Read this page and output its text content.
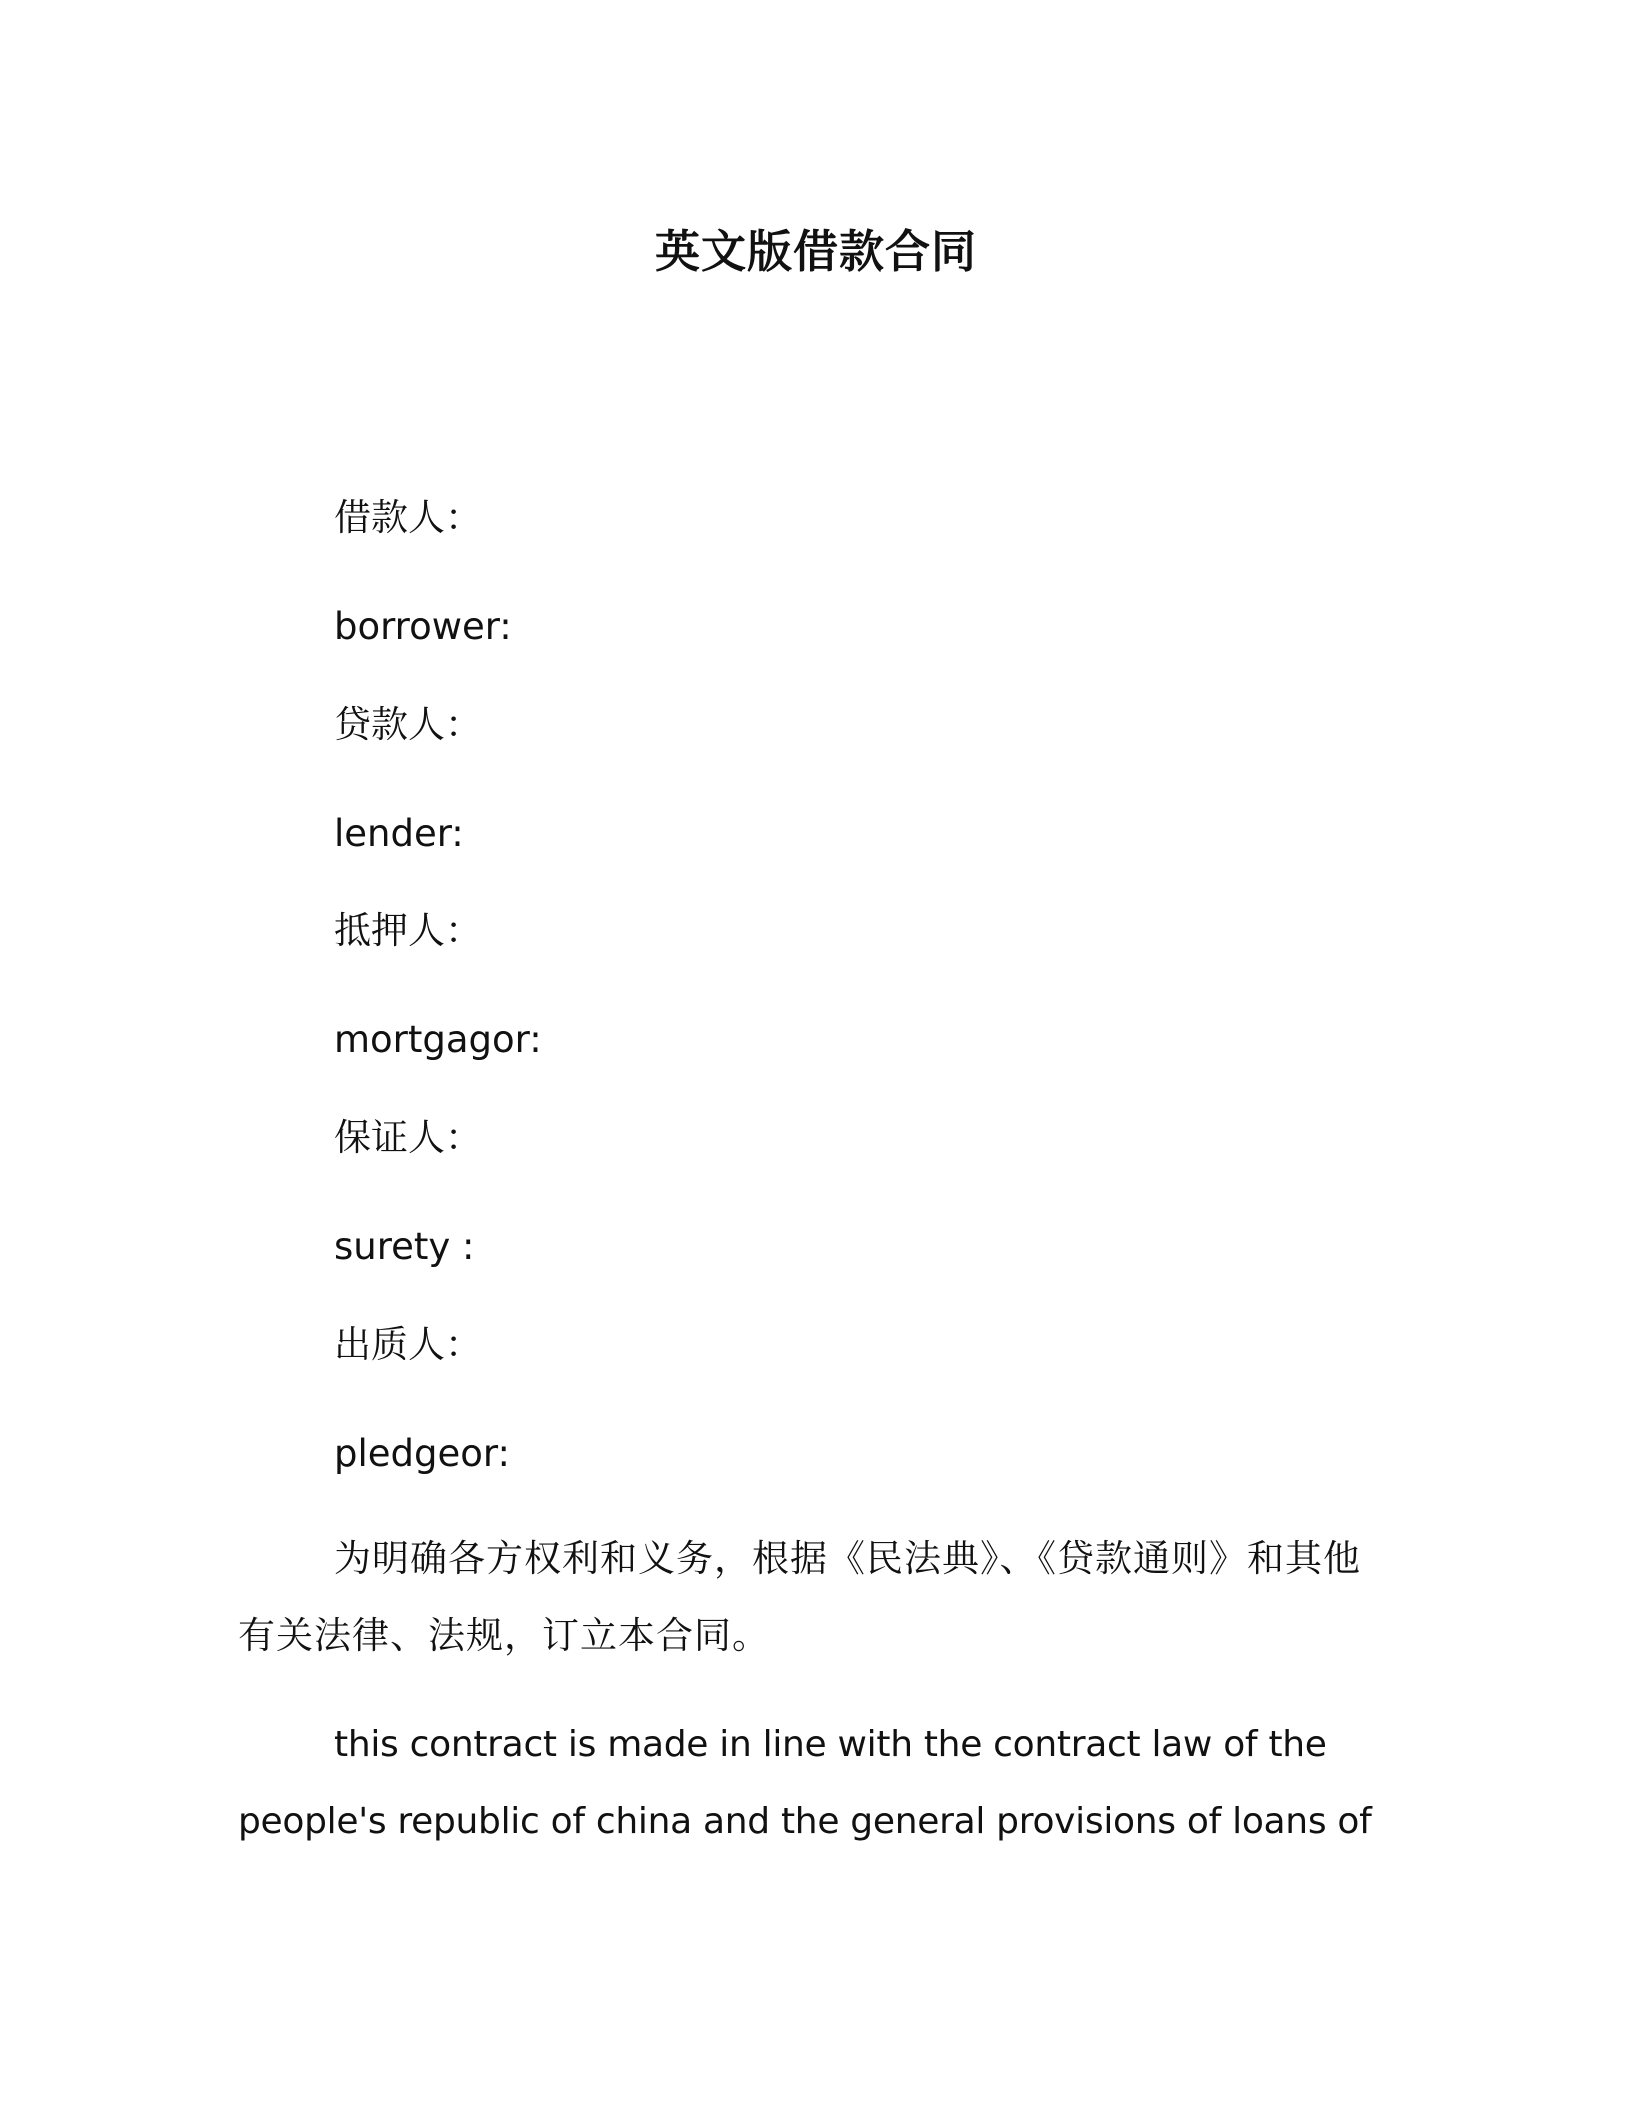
英文版借款合同

借款人：

borrower:

贷款人：

lender:

抵押人：

mortgagor:

保证人：

surety :

出质人：

pledgeor:

为明确各方权利和义务，根据《民法典》、《贷款通则》和其他有关法律、法规，订立本合同。

this contract is made in line with the contract law of the people's republic of china and the general provisions of loans of
